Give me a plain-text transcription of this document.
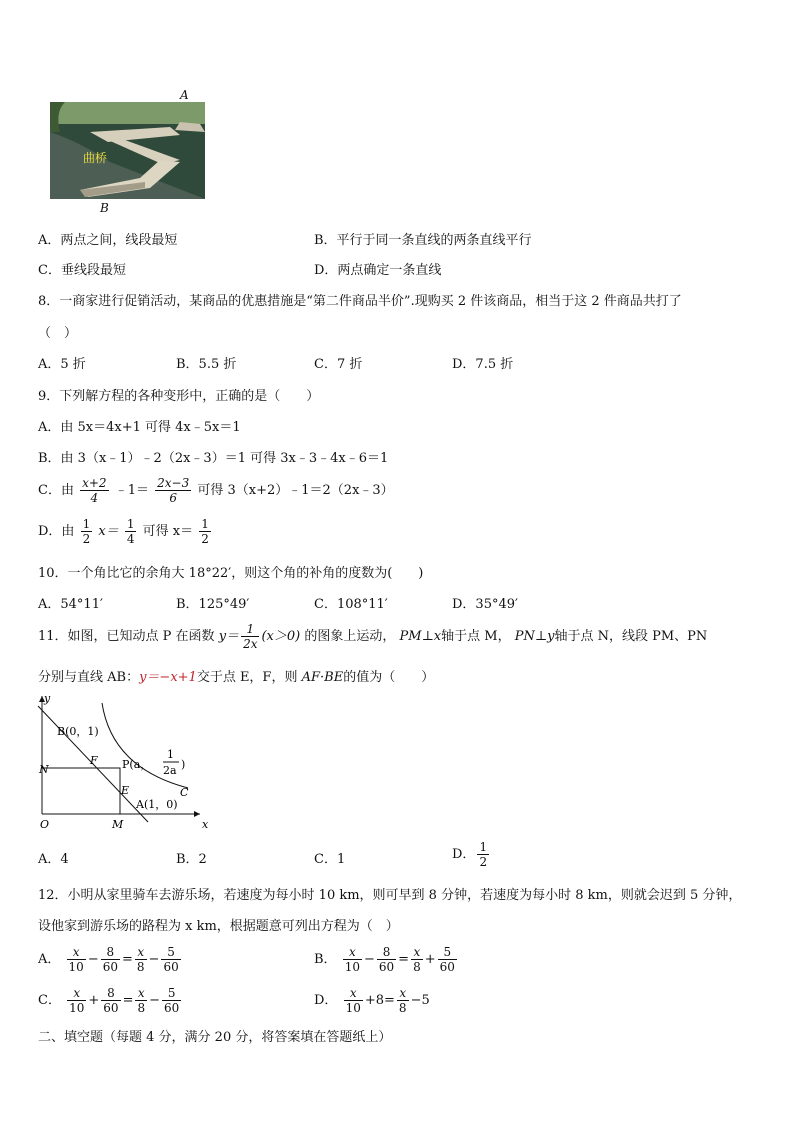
A
曲桥
B
A．两点之间，线段最短	B．平行于同一条直线的两条直线平行
C．垂线段最短	D．两点确定一条直线
8．一商家进行促销活动，某商品的优惠措施是“第二件商品半价”.现购买 2 件该商品，相当于这 2 件商品共打了
（　）
A．5 折	B．5.5 折	C．7 折	D．7.5 折
9．下列解方程的各种变形中，正确的是（　　）
A．由 5x＝4x+1 可得 4x﹣5x＝1
B．由 3（x﹣1）﹣2（2x﹣3）＝1 可得 3x﹣3﹣4x﹣6＝1
C．由 $\frac{x+2}{4}$ ﹣1＝ $\frac{2x-3}{6}$ 可得 3（x+2）﹣1＝2（2x﹣3）
D．由 $\frac{1}{2} x= \frac{1}{4}$ 可得 $x= \frac{1}{2}$
10．一个角比它的余角大 18°22′，则这个角的补角的度数为(　　)
A．54°11′	B．125°49′	C．108°11′	D．35°49′
11．如图，已知动点 P 在函数 $y= \frac{1}{2x} (x>0)$ 的图象上运动， PM⊥x轴于点 M， PN⊥y轴于点 N，线段 PM、PN
分别与直线 AB：y＝−x+1交于点 E，F，则 AF·BE的值为（　　）
y
x
B(0，1)
N
F P(a，
1
2a )
E
A(1，0)
C
O	M
A．4	B．2	C．1	D． $\frac{1}{2}$
12．小明从家里骑车去游乐场，若速度为每小时 10 km，则可早到 8 分钟，若速度为每小时 8 km，则就会迟到 5 分钟，
设他家到游乐场的路程为 x km，根据题意可列出方程为（　）
A． $\frac{x}{10} - \frac{8}{60} = \frac{x}{8} - \frac{5}{60}$	B． $\frac{x}{10} - \frac{8}{60} = \frac{x}{8} + \frac{5}{60}$
C． $\frac{x}{10} + \frac{8}{60} = \frac{x}{8} - \frac{5}{60}$	D． $\frac{x}{10} +8= \frac{x}{8} -5$
二、填空题（每题 4 分，满分 20 分，将答案填在答题纸上）
